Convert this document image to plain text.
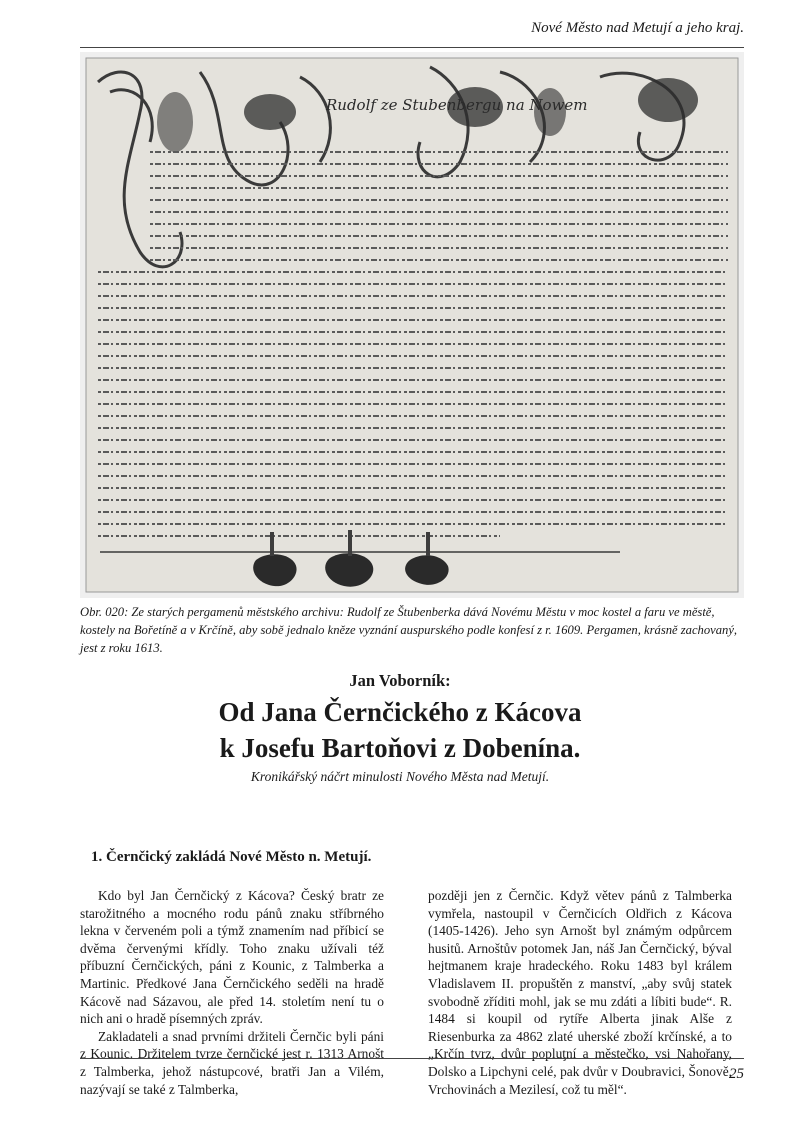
Nové Město nad Metují a jeho kraj.
Rudolf ze Stubenbergu na Nowem
Obr. 020: Ze starých pergamenů městského archivu: Rudolf ze Štubenberka dává Novému Městu v moc kostel a faru ve městě, kostely na Bořetíně a v Krčíně, aby sobě jednalo kněze vyznání auspurského podle konfesí z r. 1609. Pergamen, krásně zachovaný, jest z roku 1613.
Jan Voborník:
Od Jana Černčického z Kácova
k Josefu Bartoňovi z Dobenína.
Kronikářský náčrt minulosti Nového Města nad Metují.
1. Černčický zakládá Nové Město n. Metují.

Kdo byl Jan Černčický z Kácova? Český bratr ze starožitného a mocného rodu pánů znaku stříbrného lekna v červeném poli a týmž znamením nad příbicí se dvěma červenými křídly. Toho znaku užívali též příbuzní Černčických, páni z Kounic, z Talmberka a Martinic. Předkové Jana Černčického seděli na hradě Kácově nad Sázavou, ale před 14. stoletím není tu o nich ani o hradě písemných zpráv.

Zakladateli a snad prvními držiteli Černčic byli páni z Kounic. Držitelem tvrze černčické jest r. 1313 Arnošt z Talmberka, jehož nástupcové, bratři Jan a Vilém, nazývají se také z Talmberka,

později jen z Černčic. Když větev pánů z Talmberka vymřela, nastoupil v Černčicích Oldřich z Kácova (1405-1426). Jeho syn Arnošt byl známým odpůrcem husitů. Arnoštův potomek Jan, náš Jan Černčický, býval hejtmanem kraje hradeckého. Roku 1483 byl králem Vladislavem II. propuštěn z manství, „aby svůj statek svobodně zříditi mohl, jak se mu zdáti a líbiti bude“. R. 1484 si koupil od rytíře Alberta jinak Alše z Riesenburka za 4862 zlaté uherské zboží krčínské, a to „Krčín tvrz, dvůr popluţní a městečko, vsi Nahořany, Dolsko a Lipchyni celé, pak dvůr v Doubravici, Šonově, Vrchovinách a Mezilesí, což tu měl“.

25
